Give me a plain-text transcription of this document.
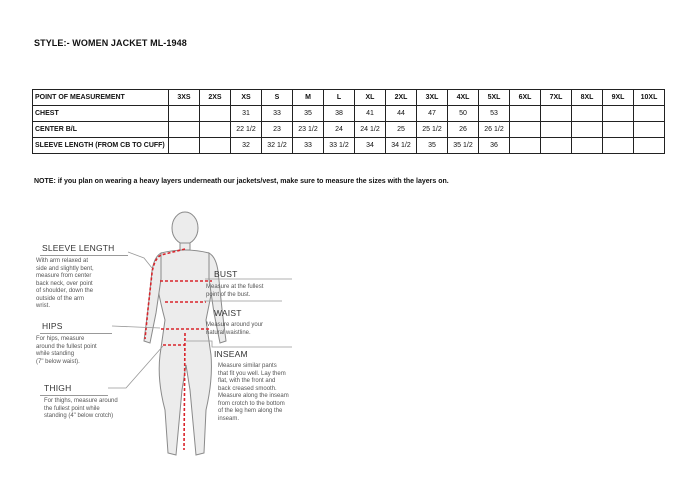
STYLE:- WOMEN JACKET ML-1948
POINT OF MEASUREMENT	3XS	2XS	XS	S	M	L	XL	2XL	3XL	4XL	5XL	6XL	7XL	8XL	9XL	10XL
CHEST			31	33	35	38	41	44	47	50	53					
CENTER B/L			22 1/2	23	23 1/2	24	24 1/2	25	25 1/2	26	26 1/2					
SLEEVE LENGTH (FROM CB TO CUFF)			32	32 1/2	33	33 1/2	34	34 1/2	35	35 1/2	36					
NOTE: if you plan on wearing a heavy layers underneath our jackets/vest, make sure to measure the sizes with the layers on.
SLEEVE LENGTH
With arm relaxed at
side and slightly bent,
measure from center
back neck, over point
of shoulder, down the
outside of the arm
wrist.
HIPS
For hips, measure
around the fullest point
while standing
(7" below waist).
THIGH
For thighs, measure around
the fullest point while
standing (4" below crotch)
BUST
Measure at the fullest
point of the bust.
WAIST
Measure around your
natural waistline.
INSEAM
Measure similar pants
that fit you well. Lay them
flat, with the front and
back creased smooth.
Measure along the inseam
from crotch to the bottom
of the leg hem along the
inseam.
